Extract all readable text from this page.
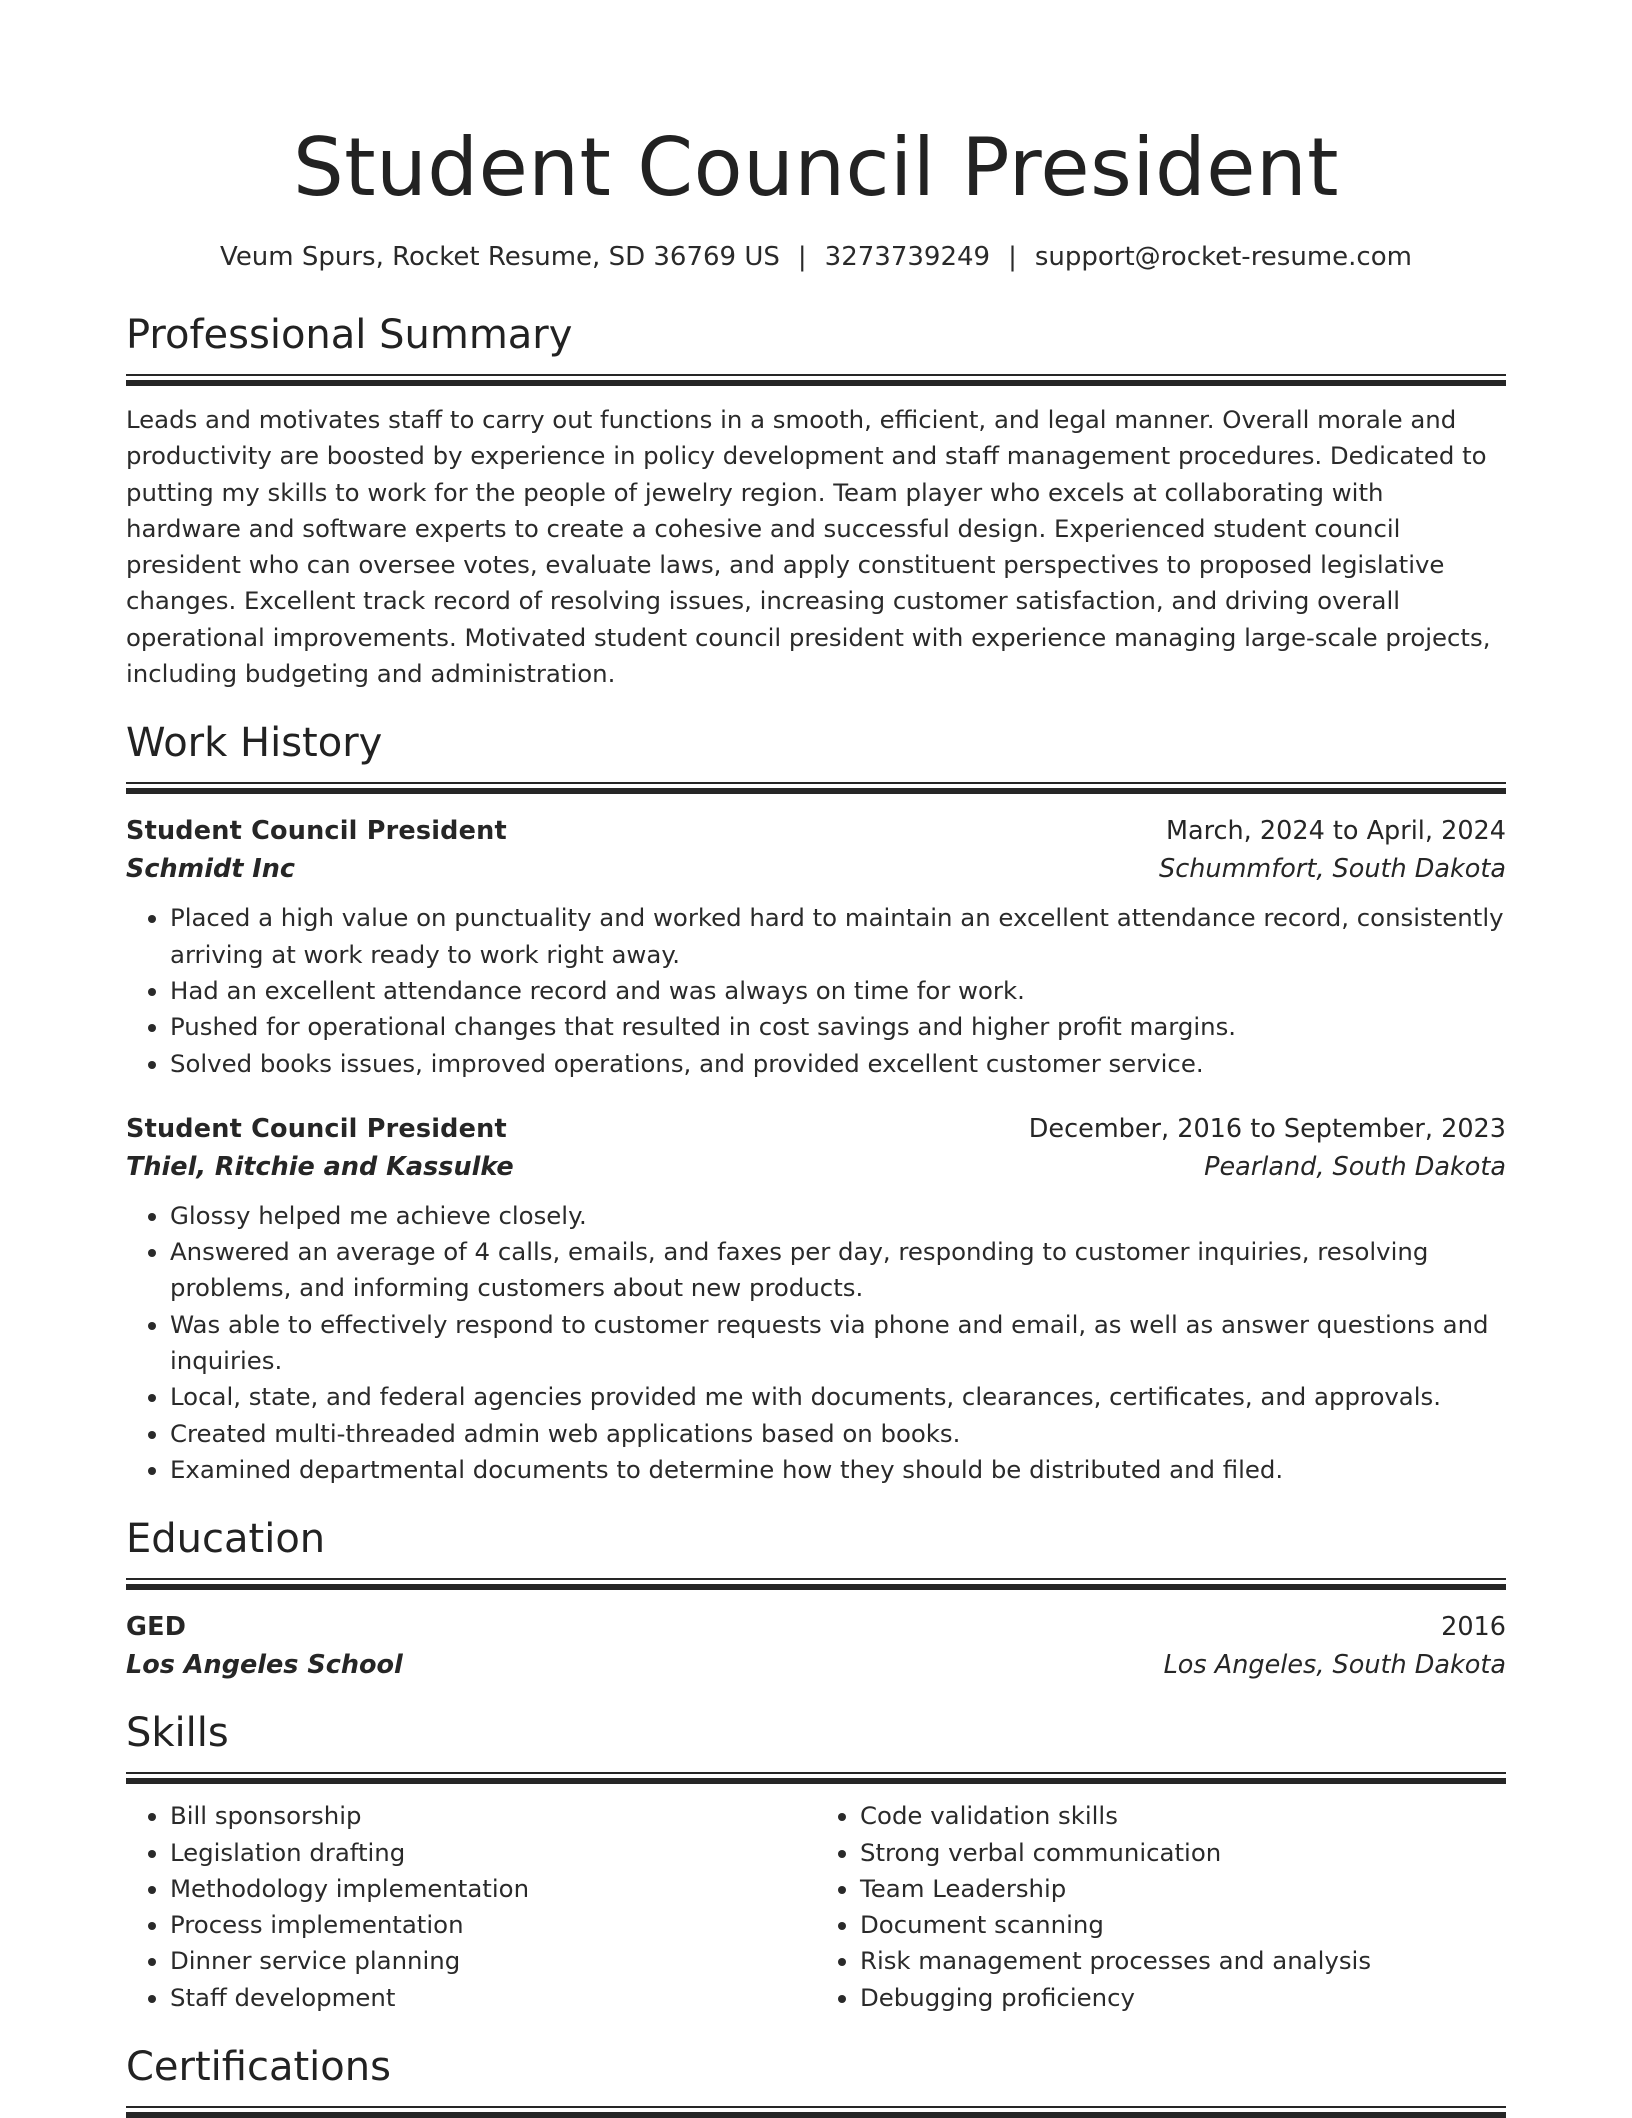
Student Council President
Veum Spurs, Rocket Resume, SD 36769 US | 3273739249 | support@rocket-resume.com
Professional Summary
Leads and motivates staff to carry out functions in a smooth, efficient, and legal manner. Overall morale and productivity are boosted by experience in policy development and staff management procedures. Dedicated to putting my skills to work for the people of jewelry region. Team player who excels at collaborating with hardware and software experts to create a cohesive and successful design. Experienced student council president who can oversee votes, evaluate laws, and apply constituent perspectives to proposed legislative changes. Excellent track record of resolving issues, increasing customer satisfaction, and driving overall operational improvements. Motivated student council president with experience managing large-scale projects, including budgeting and administration.
Work History
Student Council President	March, 2024 to April, 2024
Schmidt Inc	Schummfort, South Dakota
• Placed a high value on punctuality and worked hard to maintain an excellent attendance record, consistently arriving at work ready to work right away.
• Had an excellent attendance record and was always on time for work.
• Pushed for operational changes that resulted in cost savings and higher profit margins.
• Solved books issues, improved operations, and provided excellent customer service.
Student Council President	December, 2016 to September, 2023
Thiel, Ritchie and Kassulke	Pearland, South Dakota
• Glossy helped me achieve closely.
• Answered an average of 4 calls, emails, and faxes per day, responding to customer inquiries, resolving problems, and informing customers about new products.
• Was able to effectively respond to customer requests via phone and email, as well as answer questions and inquiries.
• Local, state, and federal agencies provided me with documents, clearances, certificates, and approvals.
• Created multi-threaded admin web applications based on books.
• Examined departmental documents to determine how they should be distributed and filed.
Education
GED	2016
Los Angeles School	Los Angeles, South Dakota
Skills
• Bill sponsorship
• Legislation drafting
• Methodology implementation
• Process implementation
• Dinner service planning
• Staff development
• Code validation skills
• Strong verbal communication
• Team Leadership
• Document scanning
• Risk management processes and analysis
• Debugging proficiency
Certifications
